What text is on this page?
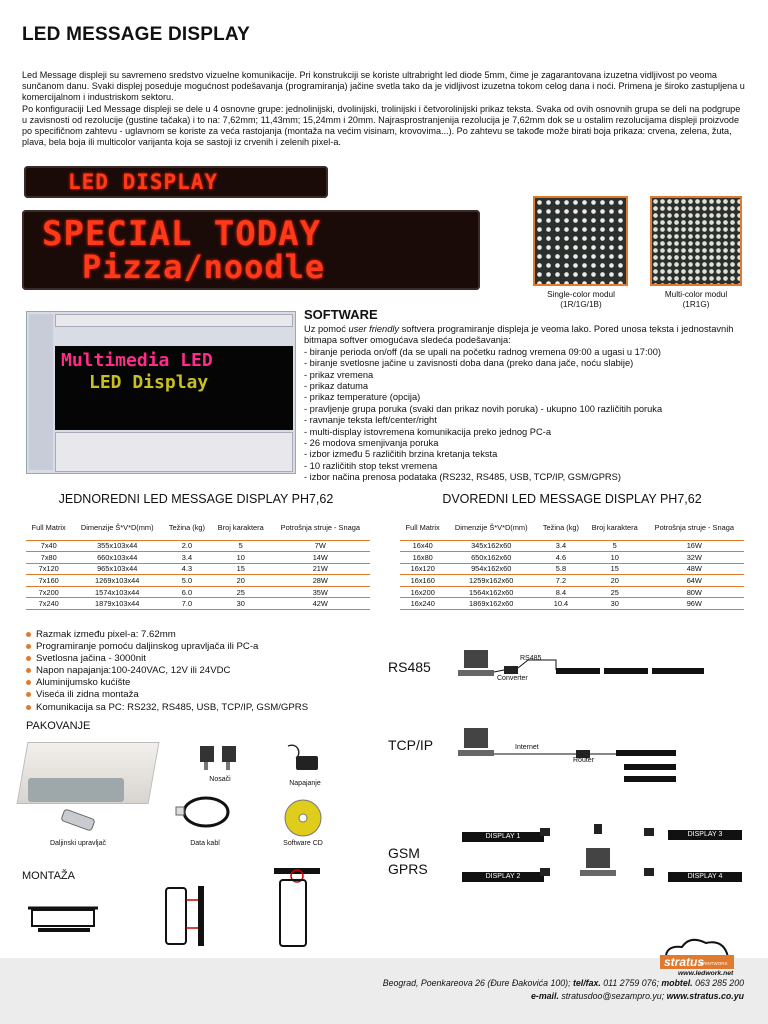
LED MESSAGE DISPLAY

Led Message displeji su savremeno sredstvo vizuelne komunikacije. Pri konstrukciji se koriste ultrabright led diode 5mm, čime je zagarantovana izuzetna vidljivost po veoma sunčanom danu. Svaki displej poseduje mogućnost podešavanja (programiranja) jačine svetla tako da je vidljivost izuzetna tokom celog dana i noći. Primena je široko zastupljena u komercijalnom i industriskom sektoru.

Po konfiguraciji Led Message displeji se dele u 4 osnovne grupe: jednolinijski, dvolinijski, trolinijski i četvorolinijski prikaz teksta. Svaka od ovih osnovnih grupa se deli na podgrupe u zavisnosti od rezolucije (gustine tačaka) i to na: 7,62mm; 11,43mm; 15,24mm i 20mm. Najrasprostranjenija rezolucija je 7,62mm dok se u ostalim rezolucijama displeji proizvode po specifičnom zahtevu - uglavnom se koriste za veća rastojanja (montaža na većim visinam, krovovima...). Po zahtevu se takođe može birati boja prikaza: crvena, zelena, žuta, plava, bela boja ili multicolor varijanta koja se sastoji iz crvenih i zelenih pixel-a.

LED DISPLAY
SPECIAL TODAY
Pizza/noodle
Single-color modul
(1R/1G/1B)
Multi-color modul
(1R1G)
Multimedia LED
LED Display
SOFTWARE
Uz pomoć user friendly softvera programiranje displeja je veoma lako. Pored unosa teksta i jednostavnih bitmapa softver omogućava sledeća podešavanja:
- biranje perioda on/off (da se upali na početku radnog vremena 09:00 a ugasi u 17:00)
- biranje svetlosne jačine u zavisnosti doba dana (preko dana jače, noću slabije)
- prikaz vremena
- prikaz datuma
- prikaz temperature (opcija)
- pravljenje grupa poruka (svaki dan prikaz novih poruka) - ukupno 100 različitih poruka
- ravnanje teksta left/center/right
- multi-display istovremena komunikacija preko jednog PC-a
- 26 modova smenjivanja poruka
- izbor između 5 različitih brzina kretanja teksta
- 10 različitih stop tekst vremena
- izbor načina prenosa podataka (RS232, RS485, USB, TCP/IP, GSM/GPRS)
JEDNOREDNI LED MESSAGE DISPLAY PH7,62	DVOREDNI LED MESSAGE DISPLAY PH7,62
Full Matrix	Dimenzije Š*V*D(mm)	Težina (kg)	Broj karaktera	Potrošnja struje - Snaga
7x40	355x103x44	2.0	5	7W
7x80	660x103x44	3.4	10	14W
7x120	965x103x44	4.3	15	21W
7x160	1269x103x44	5.0	20	28W
7x200	1574x103x44	6.0	25	35W
7x240	1879x103x44	7.0	30	42W
Full Matrix	Dimenzije Š*V*D(mm)	Težina (kg)	Broj karaktera	Potrošnja struje - Snaga
16x40	345x162x60	3.4	5	16W
16x80	650x162x60	4.6	10	32W
16x120	954x162x60	5.8	15	48W
16x160	1259x162x60	7.2	20	64W
16x200	1564x162x60	8.4	25	80W
16x240	1869x162x60	10.4	30	96W
Razmak između pixel-a: 7.62mm
Programiranje pomoću daljinskog upravljača ili PC-a
Svetlosna jačina - 3000nit
Napon napajanja:100-240VAC, 12V ili 24VDC
Aluminijumsko kućište
Viseća ili zidna montaža
Komunikacija sa PC: RS232, RS485, USB, TCP/IP, GSM/GPRS
PAKOVANJE
Nosači
Napajanje
Daljinski upravljač	Data kabl	Software CD
MONTAŽA
RS485
RS485
Converter
TCP/IP	Internet
Router
GSM
GPRS
DISPLAY 1
DISPLAY 2
DISPLAY 3
DISPLAY 4
stratus
PRINTWORX
www.ledwork.net
Beograd, Poenkareova 26 (Đure Đakovića 100); tel/fax. 011 2759 076; mobtel. 063 285 200
e-mail. stratusdoo@sezampro.yu; www.stratus.co.yu
